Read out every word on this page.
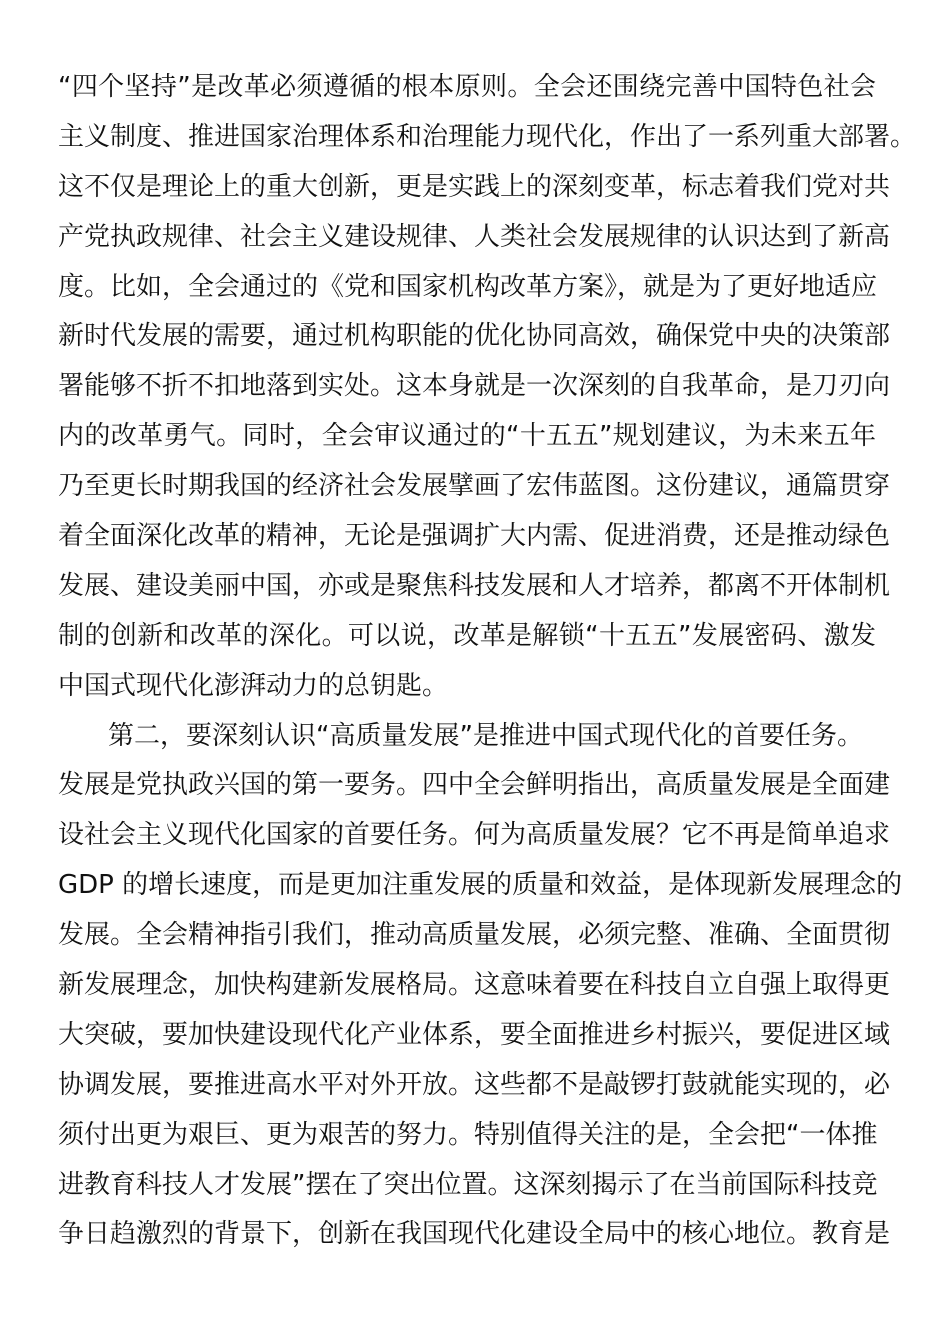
“四个坚持”是改革必须遵循的根本原则。全会还围绕完善中国特色社会
主义制度、推进国家治理体系和治理能力现代化，作出了一系列重大部署。
这不仅是理论上的重大创新，更是实践上的深刻变革，标志着我们党对共
产党执政规律、社会主义建设规律、人类社会发展规律的认识达到了新高
度。比如，全会通过的《党和国家机构改革方案》，就是为了更好地适应
新时代发展的需要，通过机构职能的优化协同高效，确保党中央的决策部
署能够不折不扣地落到实处。这本身就是一次深刻的自我革命，是刀刃向
内的改革勇气。同时，全会审议通过的“十五五”规划建议，为未来五年
乃至更长时期我国的经济社会发展擘画了宏伟蓝图。这份建议，通篇贯穿
着全面深化改革的精神，无论是强调扩大内需、促进消费，还是推动绿色
发展、建设美丽中国，亦或是聚焦科技发展和人才培养，都离不开体制机
制的创新和改革的深化。可以说，改革是解锁“十五五”发展密码、激发
中国式现代化澎湃动力的总钥匙。
第二，要深刻认识“高质量发展”是推进中国式现代化的首要任务。
发展是党执政兴国的第一要务。四中全会鲜明指出，高质量发展是全面建
设社会主义现代化国家的首要任务。何为高质量发展？它不再是简单追求
GDP 的增长速度，而是更加注重发展的质量和效益，是体现新发展理念的
发展。全会精神指引我们，推动高质量发展，必须完整、准确、全面贯彻
新发展理念，加快构建新发展格局。这意味着要在科技自立自强上取得更
大突破，要加快建设现代化产业体系，要全面推进乡村振兴，要促进区域
协调发展，要推进高水平对外开放。这些都不是敲锣打鼓就能实现的，必
须付出更为艰巨、更为艰苦的努力。特别值得关注的是，全会把“一体推
进教育科技人才发展”摆在了突出位置。这深刻揭示了在当前国际科技竞
争日趋激烈的背景下，创新在我国现代化建设全局中的核心地位。教育是
